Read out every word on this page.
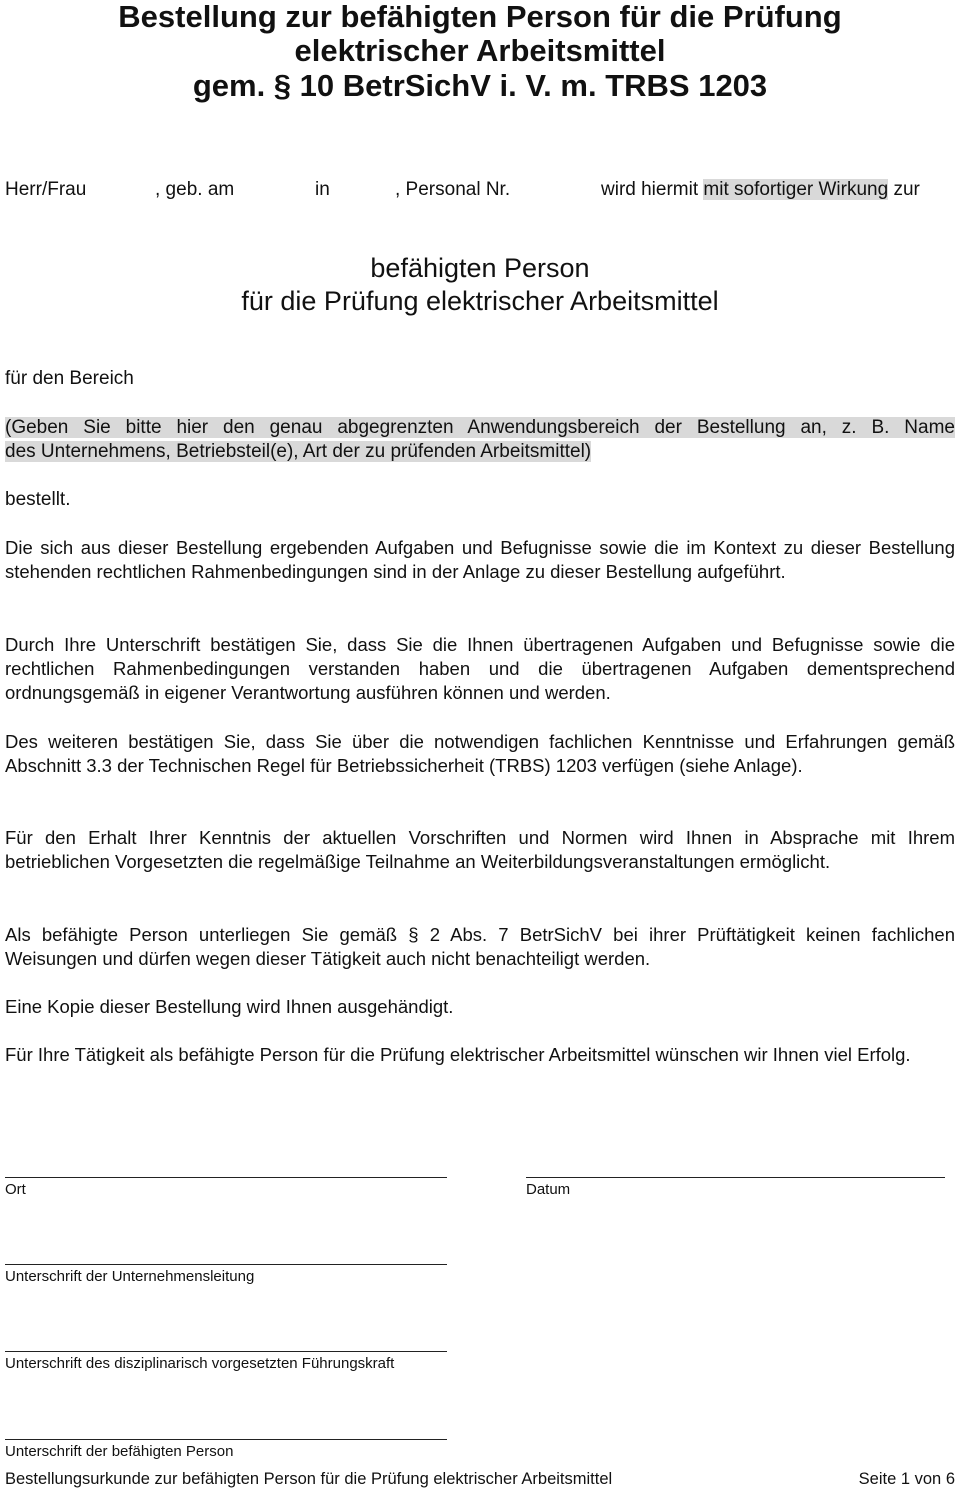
Bestellung zur befähigten Person für die Prüfung
elektrischer Arbeitsmittel
gem. § 10 BetrSichV i. V. m. TRBS 1203
Herr/Frau	, geb. am	in	, Personal Nr.	wird hiermit mit sofortiger Wirkung zur
befähigten Person
für die Prüfung elektrischer Arbeitsmittel
für den Bereich
(Geben Sie bitte hier den genau abgegrenzten Anwendungsbereich der Bestellung an, z. B. Name
des Unternehmens, Betriebsteil(e), Art der zu prüfenden Arbeitsmittel)
bestellt.
Die sich aus dieser Bestellung ergebenden Aufgaben und Befugnisse sowie die im Kontext zu dieser Bestellung stehenden rechtlichen Rahmenbedingungen sind in der Anlage zu dieser Bestellung aufgeführt.
Durch Ihre Unterschrift bestätigen Sie, dass Sie die Ihnen übertragenen Aufgaben und Befugnisse sowie die rechtlichen Rahmenbedingungen verstanden haben und die übertragenen Aufgaben dementsprechend ordnungsgemäß in eigener Verantwortung ausführen können und werden.
Des weiteren bestätigen Sie, dass Sie über die notwendigen fachlichen Kenntnisse und Erfahrungen gemäß Abschnitt 3.3 der Technischen Regel für Betriebssicherheit (TRBS) 1203 verfügen (siehe Anlage).
Für den Erhalt Ihrer Kenntnis der aktuellen Vorschriften und Normen wird Ihnen in Absprache mit Ihrem betrieblichen Vorgesetzten die regelmäßige Teilnahme an Weiterbildungsveranstaltungen ermöglicht.
Als befähigte Person unterliegen Sie gemäß § 2 Abs. 7 BetrSichV bei ihrer Prüftätigkeit keinen fachlichen Weisungen und dürfen wegen dieser Tätigkeit auch nicht benachteiligt werden.
Eine Kopie dieser Bestellung wird Ihnen ausgehändigt.
Für Ihre Tätigkeit als befähigte Person für die Prüfung elektrischer Arbeitsmittel wünschen wir Ihnen viel Erfolg.
Ort	Datum
Unterschrift der Unternehmensleitung
Unterschrift des disziplinarisch vorgesetzten Führungskraft
Unterschrift der befähigten Person
Bestellungsurkunde zur befähigten Person für die Prüfung elektrischer Arbeitsmittel	Seite 1 von 6
